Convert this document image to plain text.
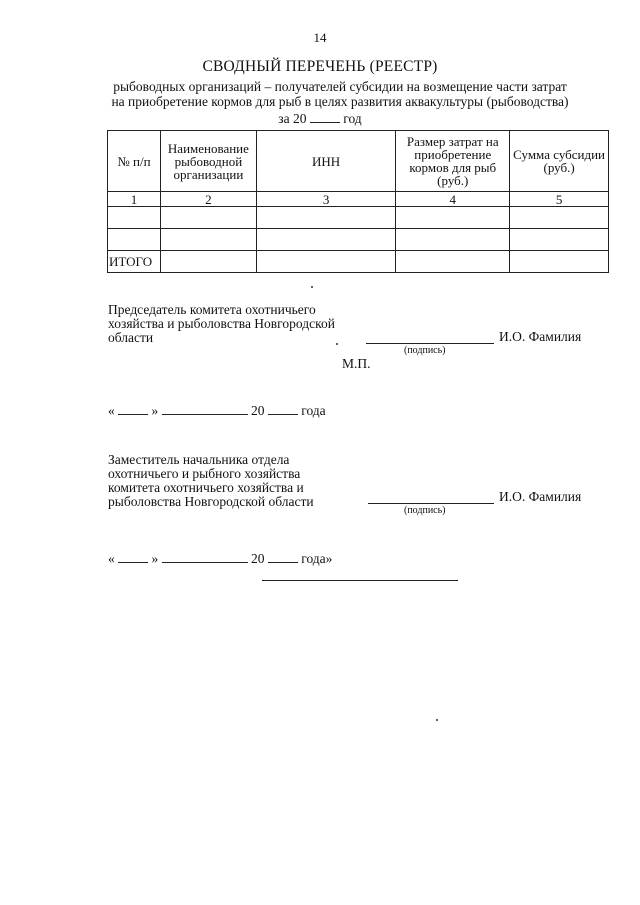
14
СВОДНЫЙ ПЕРЕЧЕНЬ (РЕЕСТР)
рыбоводных организаций – получателей субсидии на возмещение части затрат
на приобретение кормов для рыб в целях развития аквакультуры (рыбоводства)
за 20	год
№ п/п	Наименование рыбоводной организации	ИНН	Размер затрат на приобретение кормов для рыб (руб.)	Сумма субсидии (руб.)
1	2	3	4	5

ИТОГО				
Председатель комитета охотничьего
хозяйства и рыболовства Новгородской
области	И.О. Фамилия
(подпись)
М.П.
«	»	20	года
Заместитель начальника отдела
охотничьего и рыбного хозяйства
комитета охотничьего хозяйства и
рыболовства Новгородской области	И.О. Фамилия
(подпись)
«	»	20	года»
